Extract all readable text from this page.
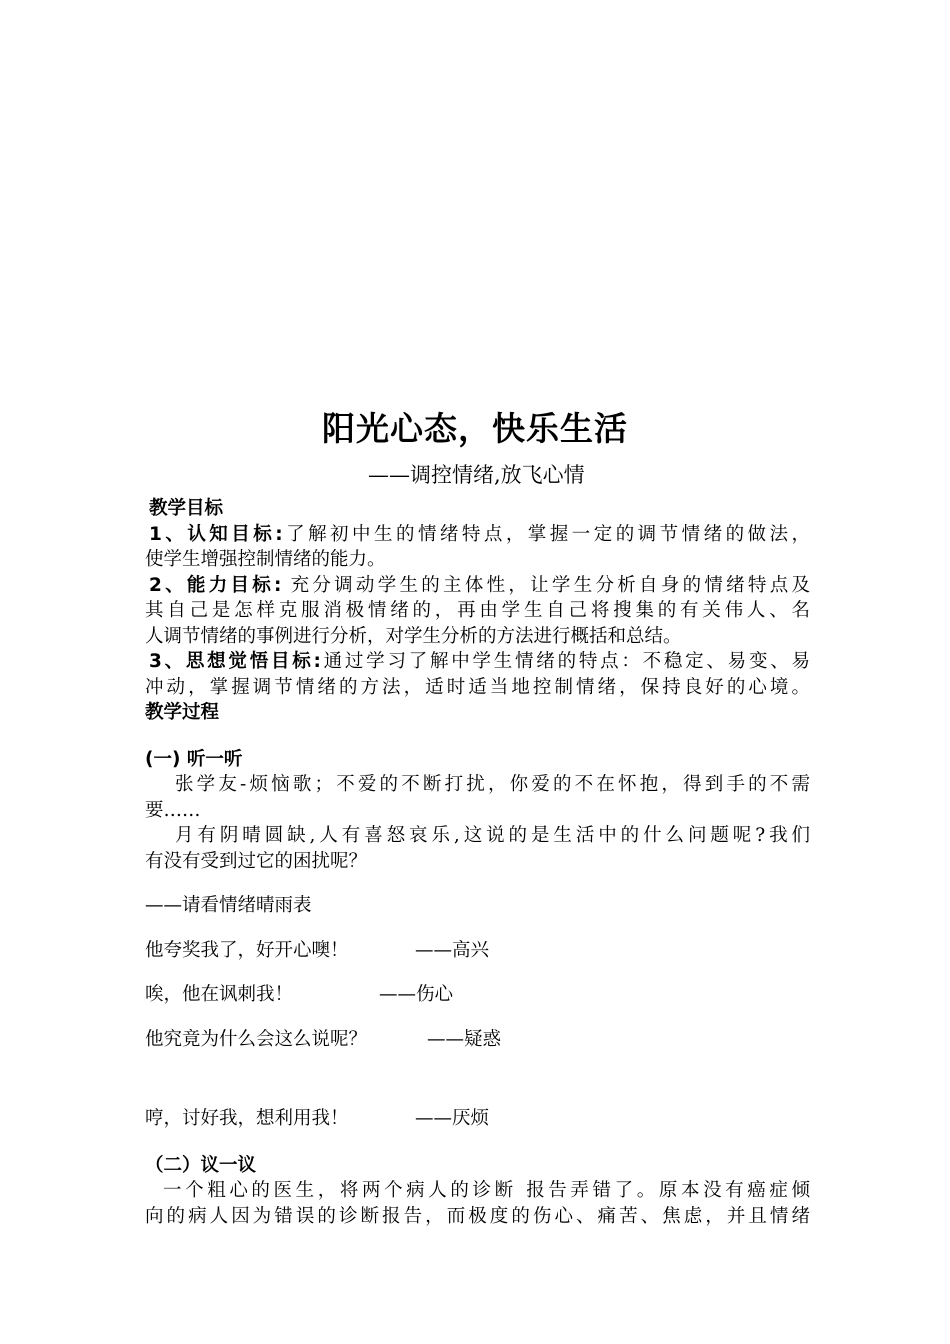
阳光心态，快乐生活
——调控情绪,放飞心情
教学目标
1、认知目标:了解初中生的情绪特点，掌握一定的调节情绪的做法，
使学生增强控制情绪的能力。
2、能力目标: 充分调动学生的主体性，让学生分析自身的情绪特点及
其自己是怎样克服消极情绪的，再由学生自己将搜集的有关伟人、名
人调节情绪的事例进行分析，对学生分析的方法进行概括和总结。
3、思想觉悟目标:通过学习了解中学生情绪的特点：不稳定、易变、易
冲动，掌握调节情绪的方法，适时适当地控制情绪，保持良好的心境。
教学过程
(一) 听一听
张学友-烦恼歌；不爱的不断打扰，你爱的不在怀抱，得到手的不需
要……
月有阴晴圆缺,人有喜怒哀乐,这说的是生活中的什么问题呢?我们
有没有受到过它的困扰呢？
——请看情绪晴雨表
他夸奖我了，好开心噢！	——高兴
唉，他在讽刺我！	——伤心
他究竟为什么会这么说呢？	——疑惑
哼，讨好我，想利用我！	——厌烦
（二）议一议
一个粗心的医生，将两个病人的诊断 报告弄错了。原本没有癌症倾
向的病人因为错误的诊断报告，而极度的伤心、痛苦、焦虑，并且情绪
